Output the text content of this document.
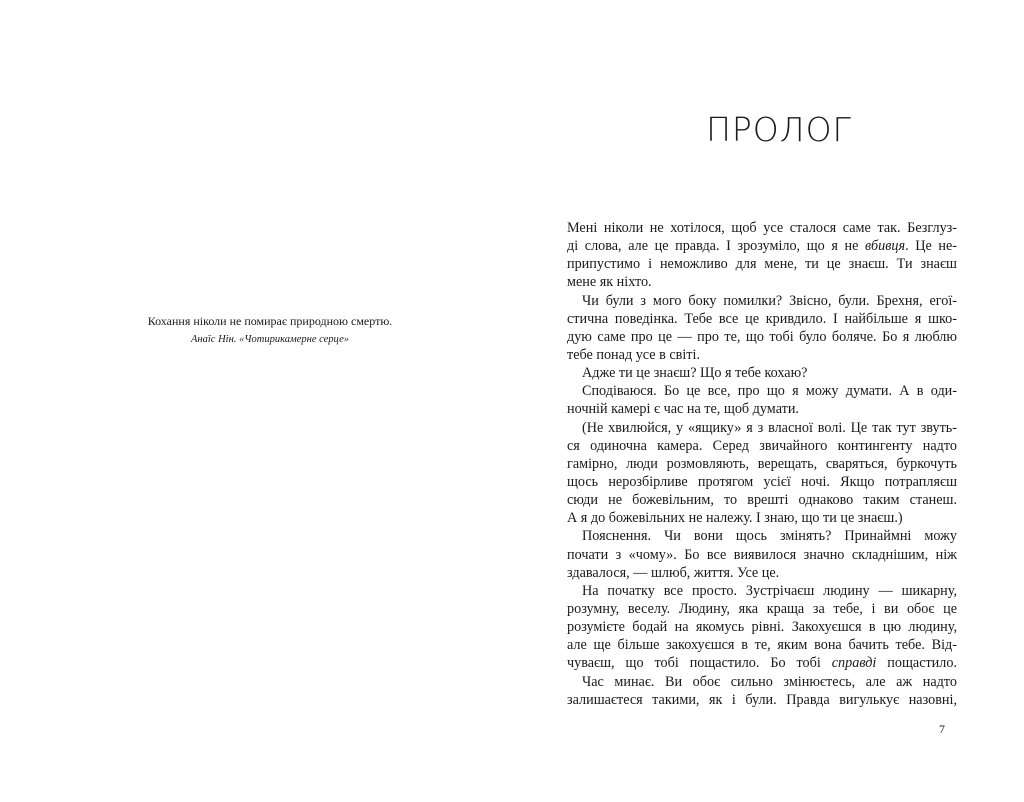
Кохання ніколи не помирає природною смертю.

Анаїс Нін. «Чотирикамерне серце»

ПРОЛОГ
Мені ніколи не хотілося, щоб усе сталося саме так. Безглуз-
ді слова, але це правда. І зрозуміло, що я не вбивця. Це не-
припустимо і неможливо для мене, ти це знаєш. Ти знаєш
мене як ніхто.
Чи були з мого боку помилки? Звісно, були. Брехня, егої-
стична поведінка. Тебе все це кривдило. І найбільше я шко-
дую саме про це — про те, що тобі було боляче. Бо я люблю
тебе понад усе в світі.
Адже ти це знаєш? Що я тебе кохаю?
Сподіваюся. Бо це все, про що я можу думати. А в оди-
ночній камері є час на те, щоб думати.
(Не хвилюйся, у «ящику» я з власної волі. Це так тут звуть-
ся одиночна камера. Серед звичайного контингенту надто
гамірно, люди розмовляють, верещать, сваряться, буркочуть
щось нерозбірливе протягом усієї ночі. Якщо потрапляєш
сюди не божевільним, то врешті однаково таким станеш.
А я до божевільних не належу. І знаю, що ти це знаєш.)
Пояснення. Чи вони щось змінять? Принаймні можу
почати з «чому». Бо все виявилося значно складнішим, ніж
здавалося, — шлюб, життя. Усе це.
На початку все просто. Зустрічаєш людину — шикарну,
розумну, веселу. Людину, яка краща за тебе, і ви обоє це
розумієте бодай на якомусь рівні. Закохуєшся в цю людину,
але ще більше закохуєшся в те, яким вона бачить тебе. Від-
чуваєш, що тобі пощастило. Бо тобі справді пощастило.
Час минає. Ви обоє сильно змінюєтесь, але аж надто
залишаєтеся такими, як і були. Правда вигулькує назовні,
7
